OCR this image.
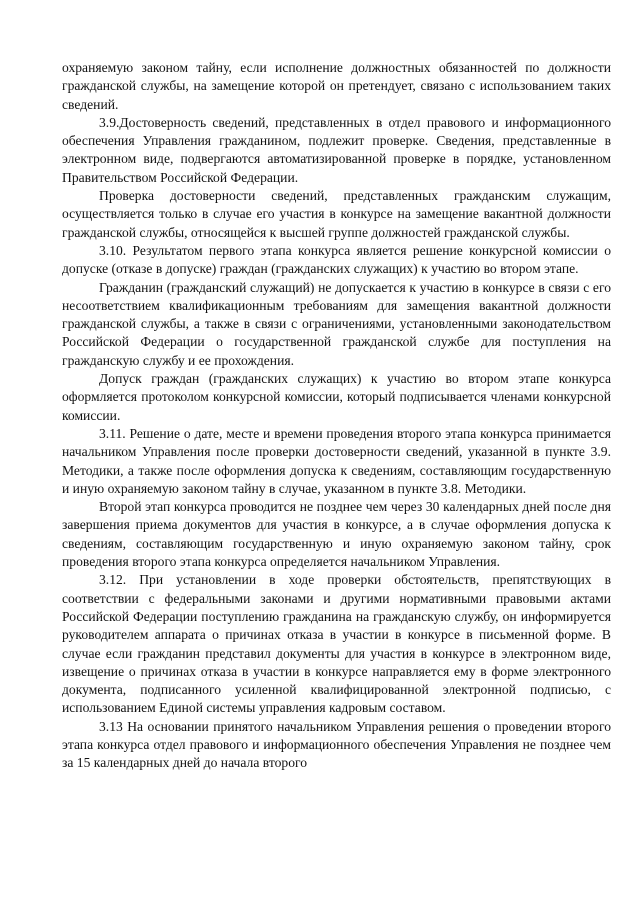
охраняемую законом тайну, если исполнение должностных обязанностей по должности гражданской службы, на замещение которой он претендует, связано с использованием таких сведений.

3.9.Достоверность сведений, представленных в отдел правового и информационного обеспечения Управления гражданином, подлежит проверке. Сведения, представленные в электронном виде, подвергаются автоматизированной проверке в порядке, установленном Правительством Российской Федерации.

Проверка достоверности сведений, представленных гражданским служащим, осуществляется только в случае его участия в конкурсе на замещение вакантной должности гражданской службы, относящейся к высшей группе должностей гражданской службы.

3.10. Результатом первого этапа конкурса является решение конкурсной комиссии о допуске (отказе в допуске) граждан (гражданских служащих) к участию во втором этапе.

Гражданин (гражданский служащий) не допускается к участию в конкурсе в связи с его несоответствием квалификационным требованиям для замещения вакантной должности гражданской службы, а также в связи с ограничениями, установленными законодательством Российской Федерации о государственной гражданской службе для поступления на гражданскую службу и ее прохождения.

Допуск граждан (гражданских служащих) к участию во втором этапе конкурса оформляется протоколом конкурсной комиссии, который подписывается членами конкурсной комиссии.

3.11. Решение о дате, месте и времени проведения второго этапа конкурса принимается начальником Управления после проверки достоверности сведений, указанной в пункте 3.9. Методики, а также после оформления допуска к сведениям, составляющим государственную и иную охраняемую законом тайну в случае, указанном в пункте 3.8. Методики.

Второй этап конкурса проводится не позднее чем через 30 календарных дней после дня завершения приема документов для участия в конкурсе, а в случае оформления допуска к сведениям, составляющим государственную и иную охраняемую законом тайну, срок проведения второго этапа конкурса определяется начальником Управления.

3.12. При установлении в ходе проверки обстоятельств, препятствующих в соответствии с федеральными законами и другими нормативными правовыми актами Российской Федерации поступлению гражданина на гражданскую службу, он информируется руководителем аппарата о причинах отказа в участии в конкурсе в письменной форме. В случае если гражданин представил документы для участия в конкурсе в электронном виде, извещение о причинах отказа в участии в конкурсе направляется ему в форме электронного документа, подписанного усиленной квалифицированной электронной подписью, с использованием Единой системы управления кадровым составом.

3.13 На основании принятого начальником Управления решения о проведении второго этапа конкурса отдел правового и информационного обеспечения Управления не позднее чем за 15 календарных дней до начала второго
